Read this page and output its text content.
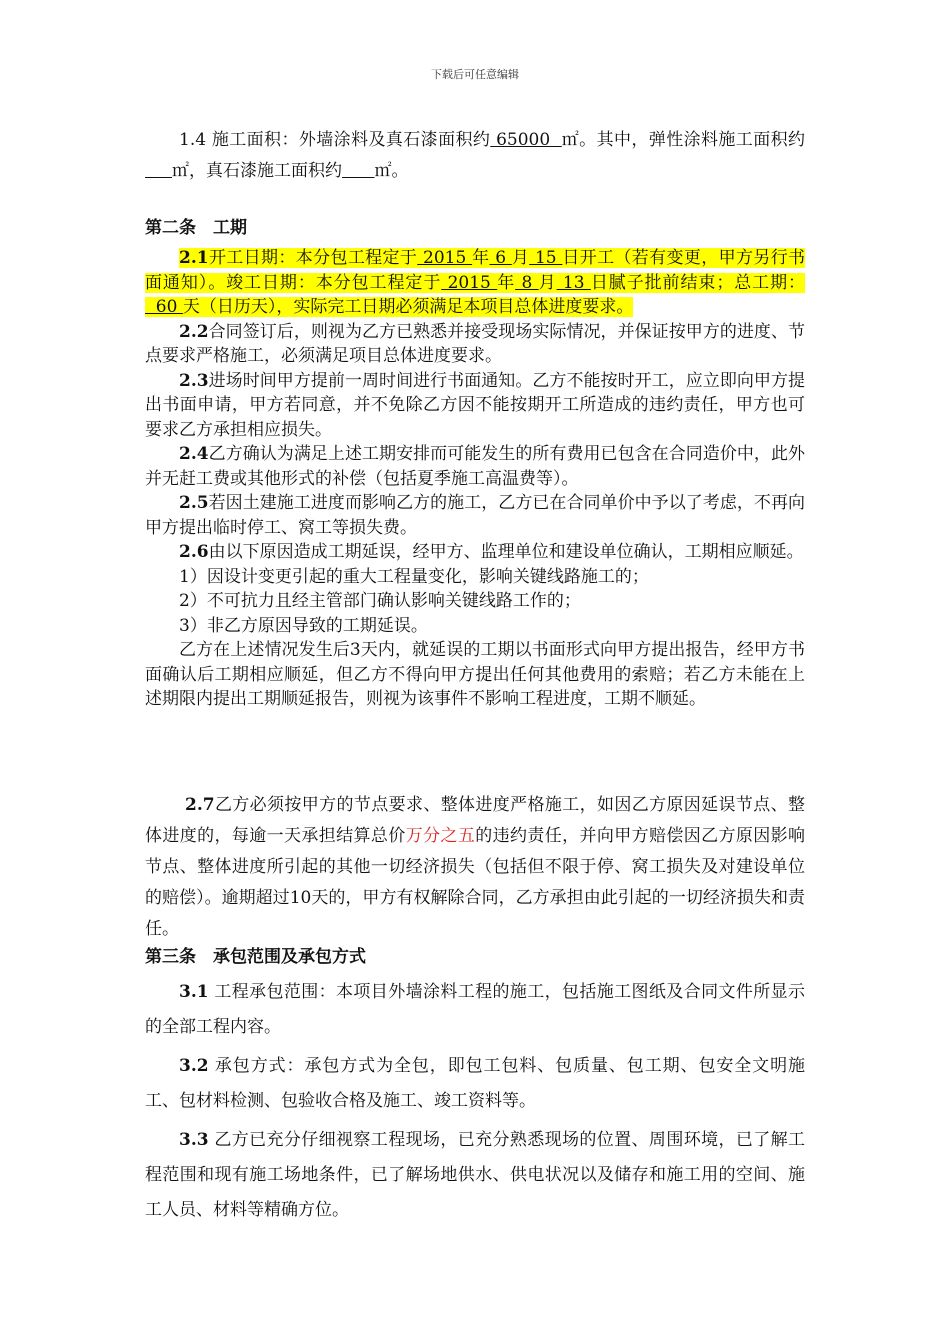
下载后可任意编辑

1.4 施工面积：外墙涂料及真石漆面积约 65000  ㎡。其中，弹性涂料施工面积约     ㎡，真石漆施工面积约 ㎡。

第二条　工期

2.1开工日期：本分包工程定于 2015 年 6 月 15 日开工（若有变更，甲方另行书面通知）。竣工日期：本分包工程定于 2015 年 8 月 13 日腻子批前结束；总工期：  60 天（日历天），实际完工日期必须满足本项目总体进度要求。

2.2合同签订后，则视为乙方已熟悉并接受现场实际情况，并保证按甲方的进度、节点要求严格施工，必须满足项目总体进度要求。

2.3进场时间甲方提前一周时间进行书面通知。乙方不能按时开工，应立即向甲方提出书面申请，甲方若同意，并不免除乙方因不能按期开工所造成的违约责任，甲方也可要求乙方承担相应损失。

2.4乙方确认为满足上述工期安排而可能发生的所有费用已包含在合同造价中，此外并无赶工费或其他形式的补偿（包括夏季施工高温费等）。

2.5若因土建施工进度而影响乙方的施工，乙方已在合同单价中予以了考虑，不再向甲方提出临时停工、窝工等损失费。

2.6由以下原因造成工期延误，经甲方、监理单位和建设单位确认，工期相应顺延。

1）因设计变更引起的重大工程量变化，影响关键线路施工的；

2）不可抗力且经主管部门确认影响关键线路工作的；

3）非乙方原因导致的工期延误。

乙方在上述情况发生后3天内，就延误的工期以书面形式向甲方提出报告，经甲方书面确认后工期相应顺延，但乙方不得向甲方提出任何其他费用的索赔；若乙方未能在上述期限内提出工期顺延报告，则视为该事件不影响工程进度，工期不顺延。

2.7乙方必须按甲方的节点要求、整体进度严格施工，如因乙方原因延误节点、整体进度的，每逾一天承担结算总价万分之五的违约责任，并向甲方赔偿因乙方原因影响节点、整体进度所引起的其他一切经济损失（包括但不限于停、窝工损失及对建设单位的赔偿）。逾期超过10天的，甲方有权解除合同，乙方承担由此引起的一切经济损失和责任。

第三条　承包范围及承包方式

3.1 工程承包范围：本项目外墙涂料工程的施工，包括施工图纸及合同文件所显示的全部工程内容。

3.2 承包方式：承包方式为全包，即包工包料、包质量、包工期、包安全文明施工、包材料检测、包验收合格及施工、竣工资料等。

3.3 乙方已充分仔细视察工程现场，已充分熟悉现场的位置、周围环境，已了解工程范围和现有施工场地条件，已了解场地供水、供电状况以及储存和施工用的空间、施工人员、材料等精确方位。
